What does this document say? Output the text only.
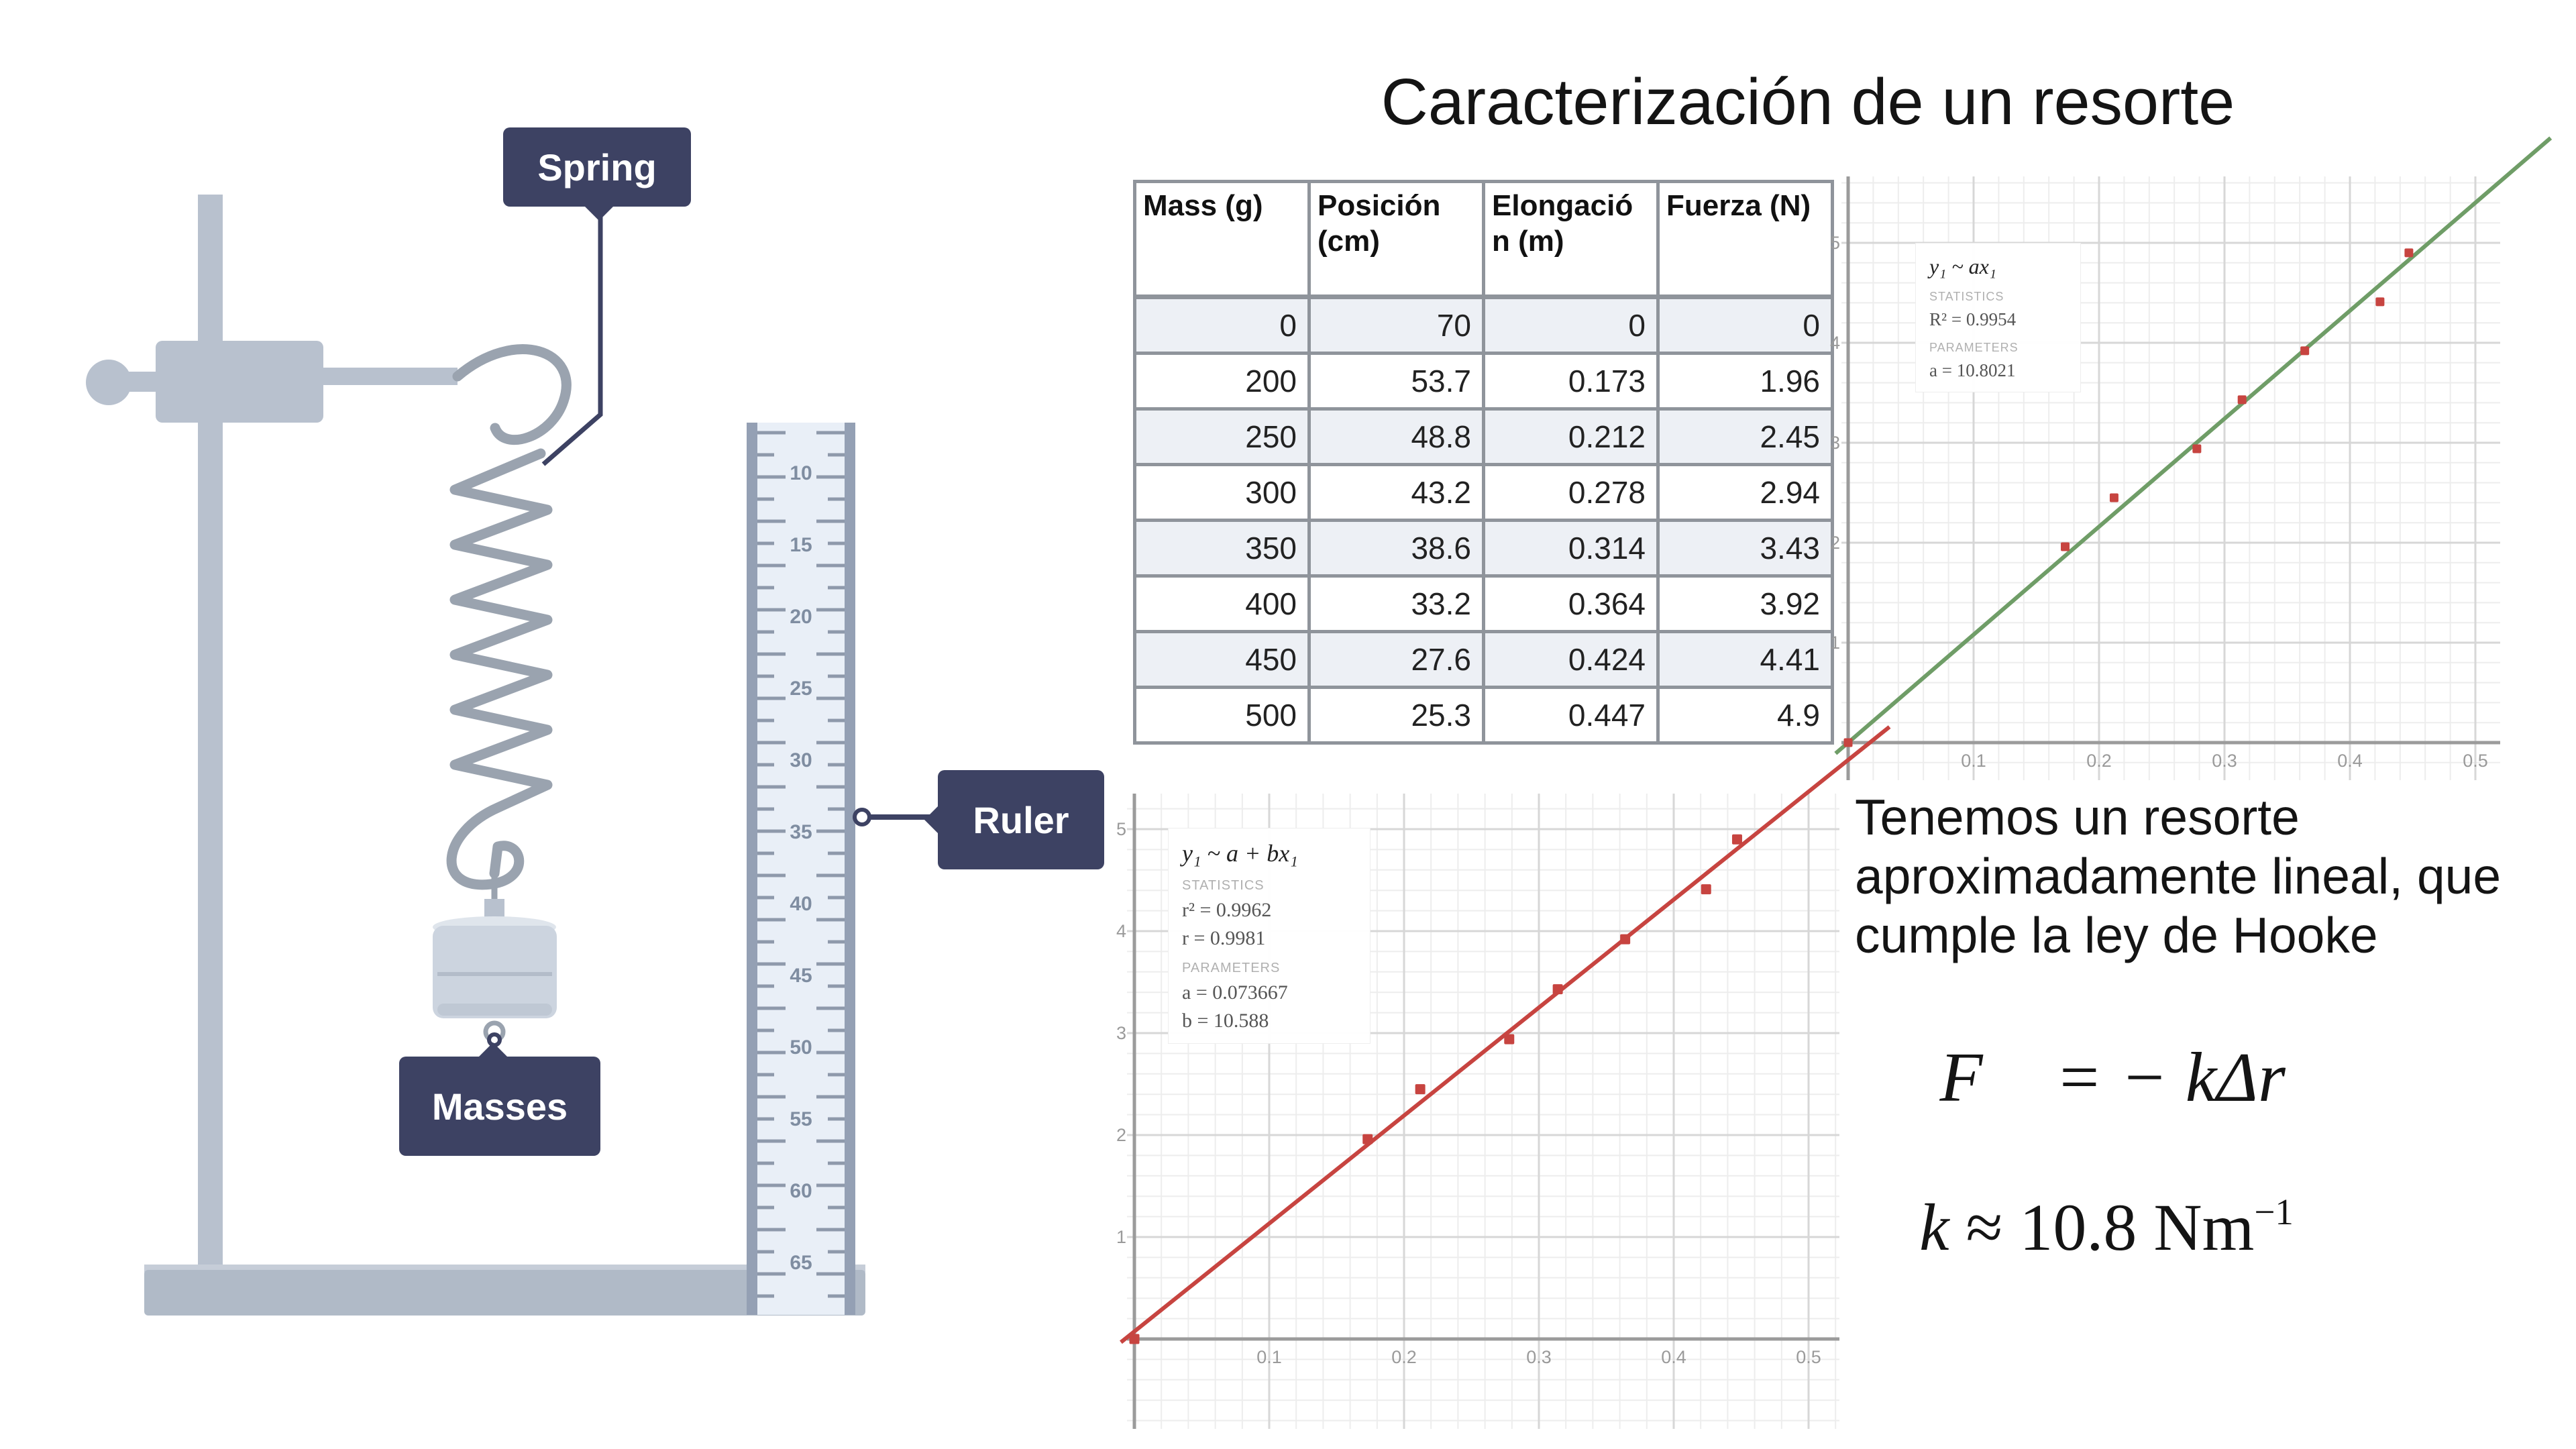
Caracterización de un resorte
10
15
20
25
30
35
40
45
50
55
60
65
Spring
Ruler
Masses
Mass (g)	Posición (cm)	Elongació n (m)	Fuerza (N)
0	70	0	0
200	53.7	0.173	1.96
250	48.8	0.212	2.45
300	43.2	0.278	2.94
350	38.6	0.314	3.43
400	33.2	0.364	3.92
450	27.6	0.424	4.41
500	25.3	0.447	4.9
0.1	0.2	0.3	0.4	0.5
1
2
3
4
5
y₁ ~ ax₁
STATISTICS
R² = 0.9954
PARAMETERS
a = 10.8021
0.1	0.2	0.3	0.4	0.5
1
2
3
4
5
y₁ ~ a + bx₁
STATISTICS
r² = 0.9962
r = 0.9981
PARAMETERS
a = 0.073667
b = 10.588
Tenemos un resorte aproximadamente lineal, que cumple la ley de Hooke
F⃗ = − kΔr⃗
k ≈ 10.8 $Nm^{-1}$
